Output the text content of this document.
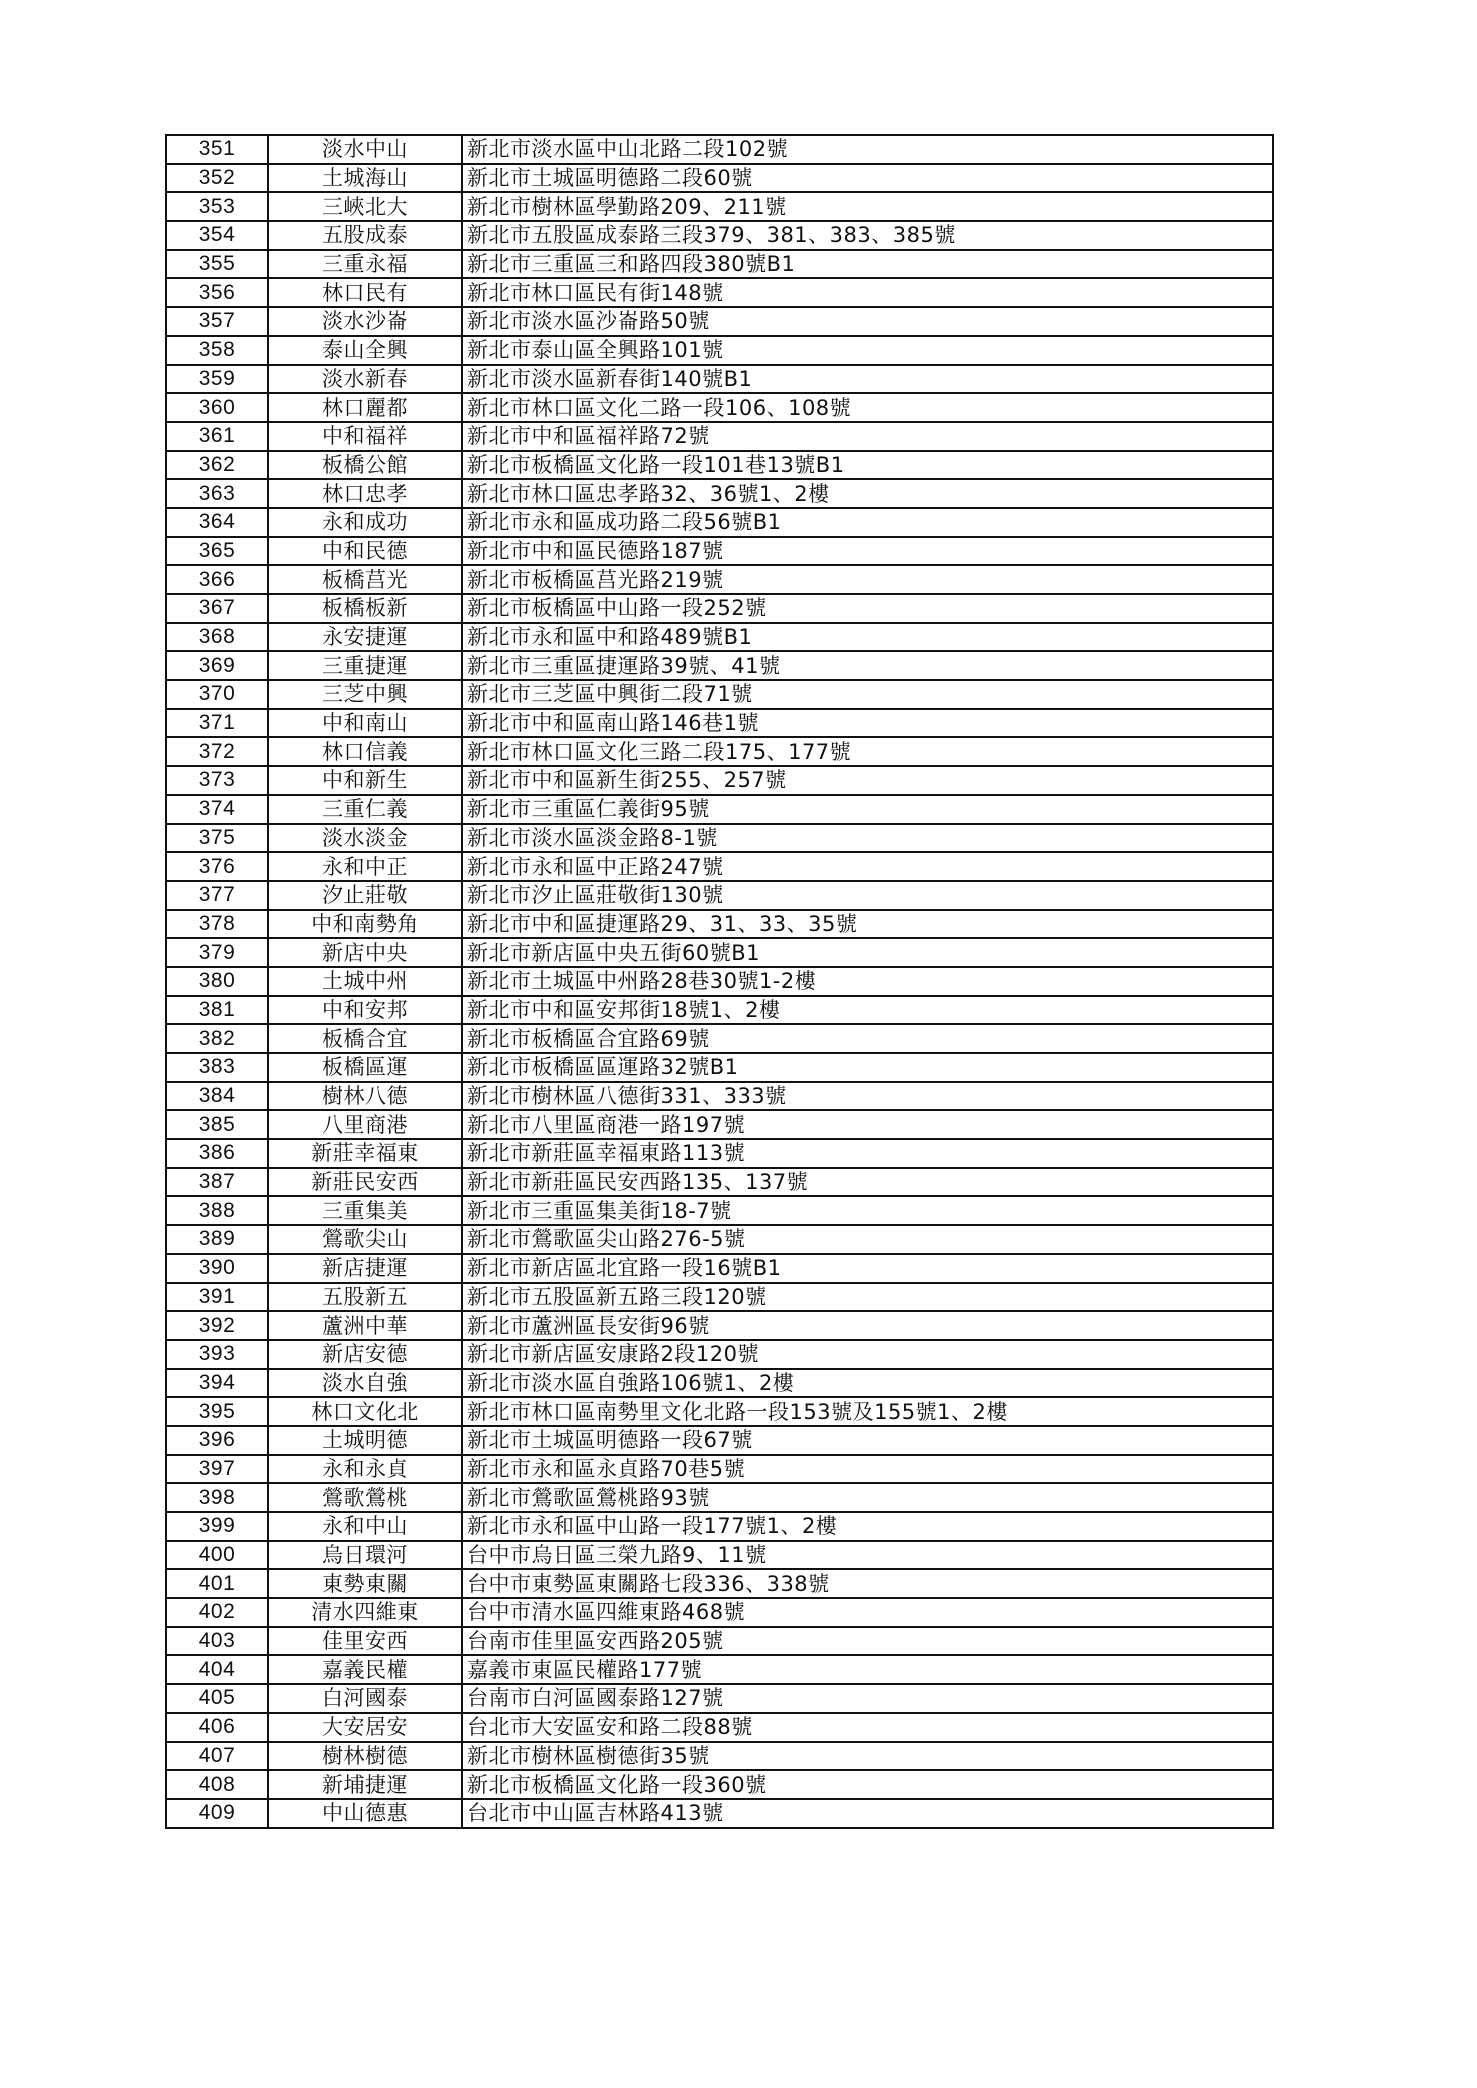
351	淡水中山	新北市淡水區中山北路二段102號
352	土城海山	新北市土城區明德路二段60號
353	三峽北大	新北市樹林區學勤路209、211號
354	五股成泰	新北市五股區成泰路三段379、381、383、385號
355	三重永福	新北市三重區三和路四段380號B1
356	林口民有	新北市林口區民有街148號
357	淡水沙崙	新北市淡水區沙崙路50號
358	泰山全興	新北市泰山區全興路101號
359	淡水新春	新北市淡水區新春街140號B1
360	林口麗都	新北市林口區文化二路一段106、108號
361	中和福祥	新北市中和區福祥路72號
362	板橋公館	新北市板橋區文化路一段101巷13號B1
363	林口忠孝	新北市林口區忠孝路32、36號1、2樓
364	永和成功	新北市永和區成功路二段56號B1
365	中和民德	新北市中和區民德路187號
366	板橋莒光	新北市板橋區莒光路219號
367	板橋板新	新北市板橋區中山路一段252號
368	永安捷運	新北市永和區中和路489號B1
369	三重捷運	新北市三重區捷運路39號、41號
370	三芝中興	新北市三芝區中興街二段71號
371	中和南山	新北市中和區南山路146巷1號
372	林口信義	新北市林口區文化三路二段175、177號
373	中和新生	新北市中和區新生街255、257號
374	三重仁義	新北市三重區仁義街95號
375	淡水淡金	新北市淡水區淡金路8-1號
376	永和中正	新北市永和區中正路247號
377	汐止莊敬	新北市汐止區莊敬街130號
378	中和南勢角	新北市中和區捷運路29、31、33、35號
379	新店中央	新北市新店區中央五街60號B1
380	土城中州	新北市土城區中州路28巷30號1-2樓
381	中和安邦	新北市中和區安邦街18號1、2樓
382	板橋合宜	新北市板橋區合宜路69號
383	板橋區運	新北市板橋區區運路32號B1
384	樹林八德	新北市樹林區八德街331、333號
385	八里商港	新北市八里區商港一路197號
386	新莊幸福東	新北市新莊區幸福東路113號
387	新莊民安西	新北市新莊區民安西路135、137號
388	三重集美	新北市三重區集美街18-7號
389	鶯歌尖山	新北市鶯歌區尖山路276-5號
390	新店捷運	新北市新店區北宜路一段16號B1
391	五股新五	新北市五股區新五路三段120號
392	蘆洲中華	新北市蘆洲區長安街96號
393	新店安德	新北市新店區安康路2段120號
394	淡水自強	新北市淡水區自強路106號1、2樓
395	林口文化北	新北市林口區南勢里文化北路一段153號及155號1、2樓
396	土城明德	新北市土城區明德路一段67號
397	永和永貞	新北市永和區永貞路70巷5號
398	鶯歌鶯桃	新北市鶯歌區鶯桃路93號
399	永和中山	新北市永和區中山路一段177號1、2樓
400	烏日環河	台中市烏日區三榮九路9、11號
401	東勢東關	台中市東勢區東關路七段336、338號
402	清水四維東	台中市清水區四維東路468號
403	佳里安西	台南市佳里區安西路205號
404	嘉義民權	嘉義市東區民權路177號
405	白河國泰	台南市白河區國泰路127號
406	大安居安	台北市大安區安和路二段88號
407	樹林樹德	新北市樹林區樹德街35號
408	新埔捷運	新北市板橋區文化路一段360號
409	中山德惠	台北市中山區吉林路413號
